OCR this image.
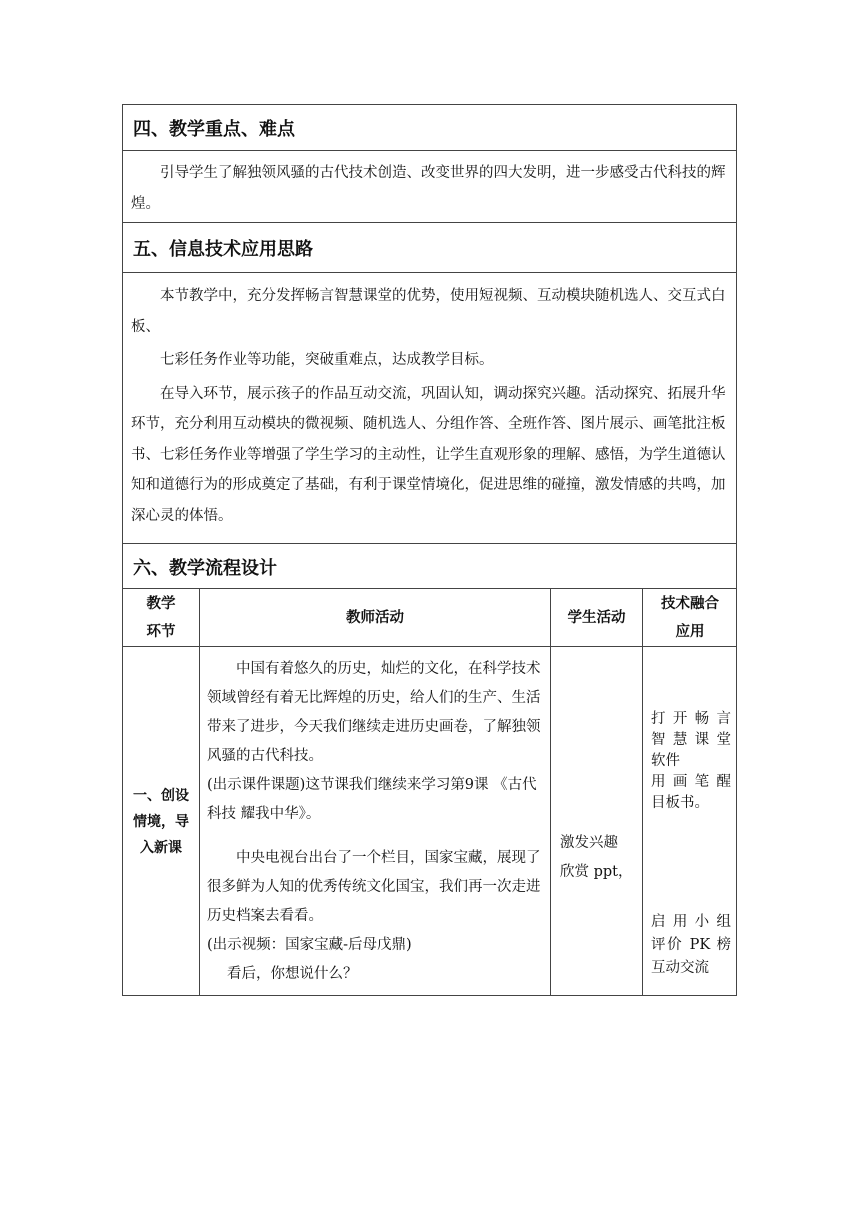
四、教学重点、难点

引导学生了解独领风骚的古代技术创造、改变世界的四大发明，进一步感受古代科技的辉煌。

五、信息技术应用思路

本节教学中，充分发挥畅言智慧课堂的优势，使用短视频、互动模块随机选人、交互式白板、

七彩任务作业等功能，突破重难点，达成教学目标。

在导入环节，展示孩子的作品互动交流，巩固认知，调动探究兴趣。活动探究、拓展升华环节，充分利用互动模块的微视频、随机选人、分组作答、全班作答、图片展示、画笔批注板书、七彩任务作业等增强了学生学习的主动性，让学生直观形象的理解、感悟，为学生道德认知和道德行为的形成奠定了基础，有利于课堂情境化，促进思维的碰撞，激发情感的共鸣，加深心灵的体悟。

六、教学流程设计
教学
环节
教师活动	学生活动
技术融合
应用
一、创设
情境，导
入新课

中国有着悠久的历史，灿烂的文化，在科学技术领域曾经有着无比辉煌的历史，给人们的生产、生活带来了进步，今天我们继续走进历史画卷，了解独领风骚的古代科技。

(出示课件课题)这节课我们继续来学习第9课 《古代科技 耀我中华》。

中央电视台出台了一个栏目，国家宝藏，展现了很多鲜为人知的优秀传统文化国宝，我们再一次走进历史档案去看看。

(出示视频：国家宝藏-后母戊鼎)

看后，你想说什么？

激发兴趣
欣赏 ppt，
打开畅言
智慧课堂
软件
用画笔醒
目板书。
启用小组
评价 PK 榜
互动交流
